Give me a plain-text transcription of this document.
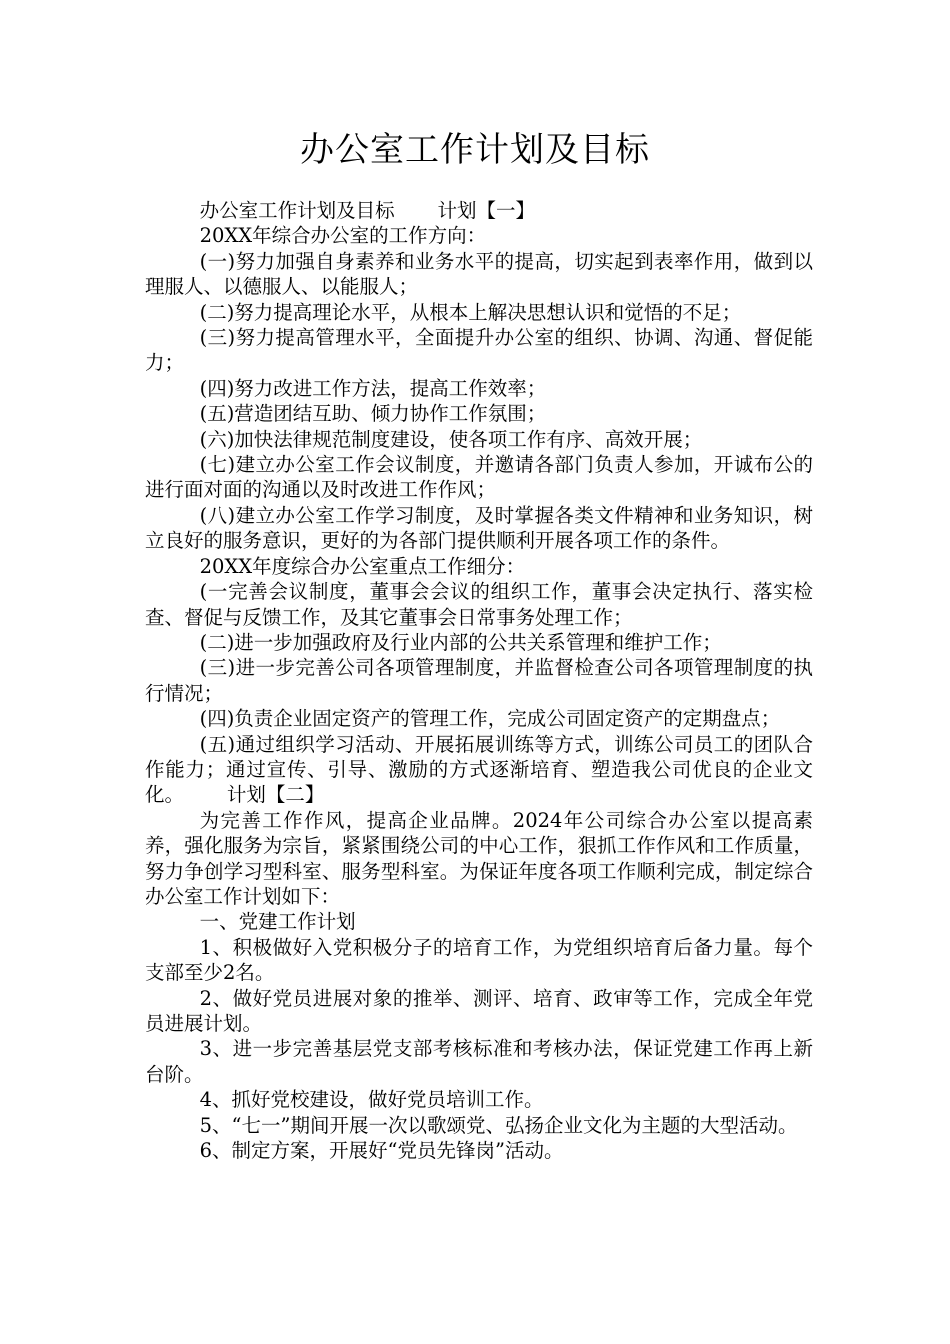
办公室工作计划及目标

办公室工作计划及目标 计划【一】

20XX年综合办公室的工作方向：

(一)努力加强自身素养和业务水平的提高，切实起到表率作用，做到以理服人、以德服人、以能服人；

(二)努力提高理论水平，从根本上解决思想认识和觉悟的不足；

(三)努力提高管理水平，全面提升办公室的组织、协调、沟通、督促能力；

(四)努力改进工作方法，提高工作效率；

(五)营造团结互助、倾力协作工作氛围；

(六)加快法律规范制度建设，使各项工作有序、高效开展；

(七)建立办公室工作会议制度，并邀请各部门负责人参加，开诚布公的进行面对面的沟通以及时改进工作作风；

(八)建立办公室工作学习制度，及时掌握各类文件精神和业务知识，树立良好的服务意识，更好的为各部门提供顺利开展各项工作的条件。

20XX年度综合办公室重点工作细分：

(一完善会议制度，董事会会议的组织工作，董事会决定执行、落实检查、督促与反馈工作，及其它董事会日常事务处理工作；

(二)进一步加强政府及行业内部的公共关系管理和维护工作；

(三)进一步完善公司各项管理制度，并监督检查公司各项管理制度的执行情况；

(四)负责企业固定资产的管理工作，完成公司固定资产的定期盘点；

(五)通过组织学习活动、开展拓展训练等方式，训练公司员工的团队合作能力；通过宣传、引导、激励的方式逐渐培育、塑造我公司优良的企业文化。 计划【二】

为完善工作作风，提高企业品牌。2024年公司综合办公室以提高素养，强化服务为宗旨，紧紧围绕公司的中心工作，狠抓工作作风和工作质量，努力争创学习型科室、服务型科室。为保证年度各项工作顺利完成，制定综合办公室工作计划如下：

一、党建工作计划

1、积极做好入党积极分子的培育工作，为党组织培育后备力量。每个支部至少2名。

2、做好党员进展对象的推举、测评、培育、政审等工作，完成全年党员进展计划。

3、进一步完善基层党支部考核标准和考核办法，保证党建工作再上新台阶。

4、抓好党校建设，做好党员培训工作。

5、“七一”期间开展一次以歌颂党、弘扬企业文化为主题的大型活动。

6、制定方案，开展好“党员先锋岗”活动。
